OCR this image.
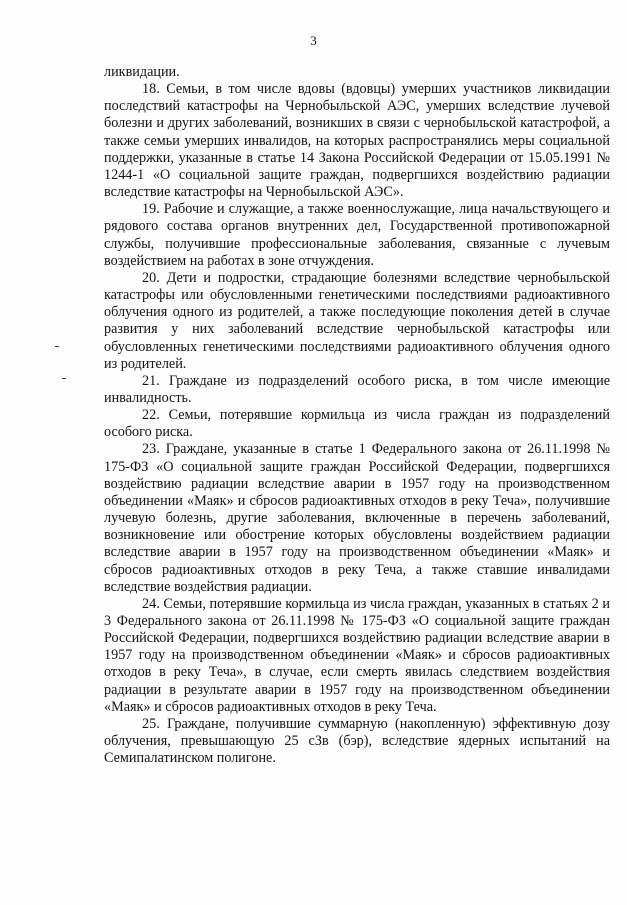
3

ликвидации.

18. Семьи, в том числе вдовы (вдовцы) умерших участников ликвидации последствий катастрофы на Чернобыльской АЭС, умерших вследствие лучевой болезни и других заболеваний, возникших в связи с чернобыльской катастрофой, а также семьи умерших инвалидов, на которых распространялись меры социальной поддержки, указанные в статье 14 Закона Российской Федерации от 15.05.1991 № 1244-1 «О социальной защите граждан, подвергшихся воздействию радиации вследствие катастрофы на Чернобыльской АЭС».

19. Рабочие и служащие, а также военнослужащие, лица начальствующего и рядового состава органов внутренних дел, Государственной противопожарной службы, получившие профессиональные заболевания, связанные с лучевым воздействием на работах в зоне отчуждения.

20. Дети и подростки, страдающие болезнями вследствие чернобыльской катастрофы или обусловленными генетическими последствиями радиоактивного облучения одного из родителей, а также последующие поколения детей в случае развития у них заболеваний вследствие чернобыльской катастрофы или обусловленных генетическими последствиями радиоактивного облучения одного из родителей.

21. Граждане из подразделений особого риска, в том числе имеющие инвалидность.

22. Семьи, потерявшие кормильца из числа граждан из подразделений особого риска.

23. Граждане, указанные в статье 1 Федерального закона от 26.11.1998 № 175-ФЗ «О социальной защите граждан Российской Федерации, подвергшихся воздействию радиации вследствие аварии в 1957 году на производственном объединении «Маяк» и сбросов радиоактивных отходов в реку Теча», получившие лучевую болезнь, другие заболевания, включенные в перечень заболеваний, возникновение или обострение которых обусловлены воздействием радиации вследствие аварии в 1957 году на производственном объединении «Маяк» и сбросов радиоактивных отходов в реку Теча, а также ставшие инвалидами вследствие воздействия радиации.

24. Семьи, потерявшие кормильца из числа граждан, указанных в статьях 2 и 3 Федерального закона от 26.11.1998 № 175-ФЗ «О социальной защите граждан Российской Федерации, подвергшихся воздействию радиации вследствие аварии в 1957 году на производственном объединении «Маяк» и сбросов радиоактивных отходов в реку Теча», в случае, если смерть явилась следствием воздействия радиации в результате аварии в 1957 году на производственном объединении «Маяк» и сбросов радиоактивных отходов в реку Теча.

25. Граждане, получившие суммарную (накопленную) эффективную дозу облучения, превышающую 25 сЗв (бэр), вследствие ядерных испытаний на Семипалатинском полигоне.
